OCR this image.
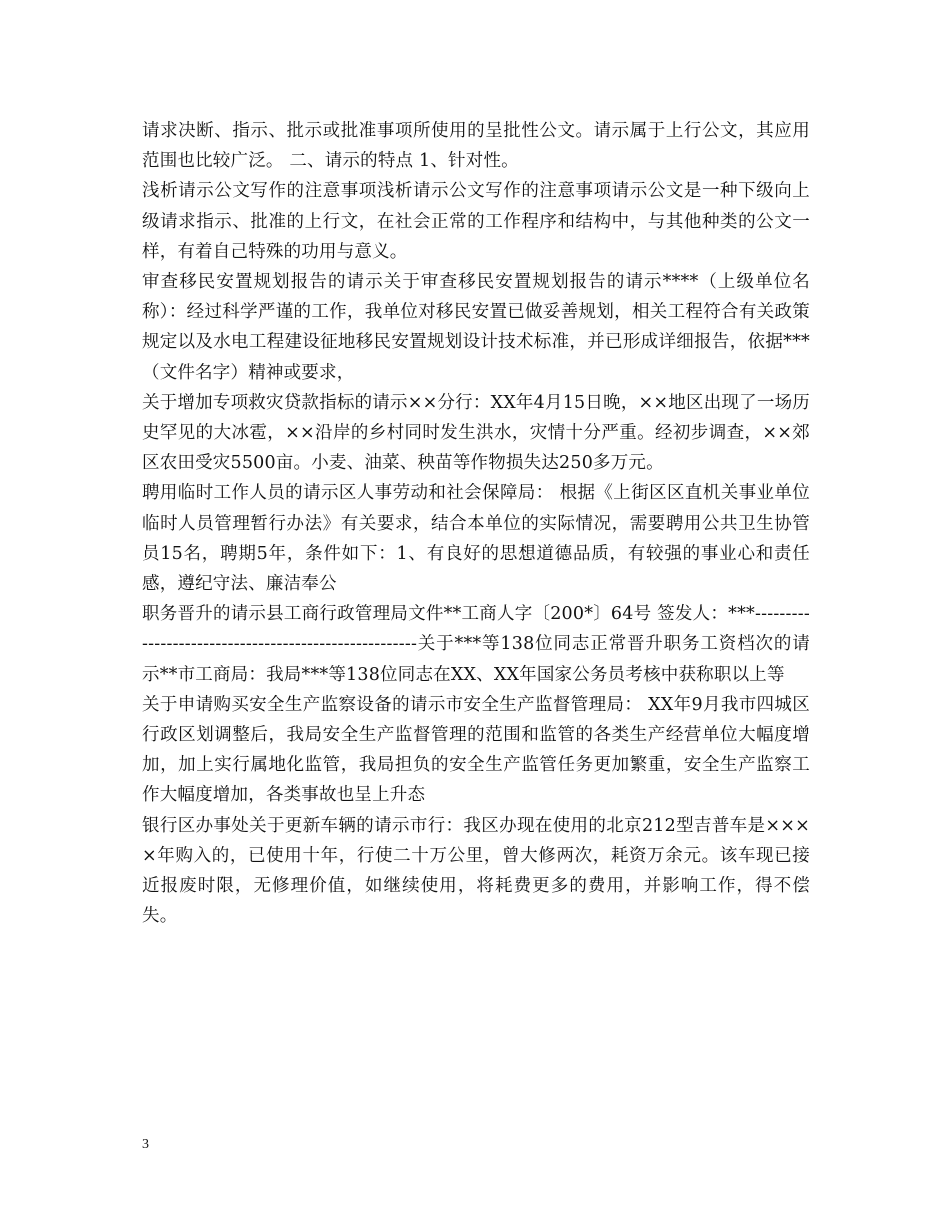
请求决断、指示、批示或批准事项所使用的呈批性公文。请示属于上行公文，其应用范围也比较广泛。 二、请示的特点 1、针对性。

浅析请示公文写作的注意事项浅析请示公文写作的注意事项请示公文是一种下级向上级请求指示、批准的上行文，在社会正常的工作程序和结构中，与其他种类的公文一样，有着自己特殊的功用与意义。

审查移民安置规划报告的请示关于审查移民安置规划报告的请示****（上级单位名称）：经过科学严谨的工作，我单位对移民安置已做妥善规划，相关工程符合有关政策规定以及水电工程建设征地移民安置规划设计技术标准，并已形成详细报告，依据***（文件名字）精神或要求，

关于增加专项救灾贷款指标的请示××分行：XX年4月15日晚，××地区出现了一场历史罕见的大冰雹，××沿岸的乡村同时发生洪水，灾情十分严重。经初步调查，××郊区农田受灾5500亩。小麦、油菜、秧苗等作物损失达250多万元。

聘用临时工作人员的请示区人事劳动和社会保障局： 根据《上街区区直机关事业单位临时人员管理暂行办法》有关要求，结合本单位的实际情况，需要聘用公共卫生协管员15名，聘期5年，条件如下：1、有良好的思想道德品质，有较强的事业心和责任感，遵纪守法、廉洁奉公

职务晋升的请示县工商行政管理局文件**工商人字〔200*〕64号 签发人：***------------------------------------------------------关于***等138位同志正常晋升职务工资档次的请示**市工商局：我局***等138位同志在XX、XX年国家公务员考核中获称职以上等

关于申请购买安全生产监察设备的请示市安全生产监督管理局： XX年9月我市四城区行政区划调整后，我局安全生产监督管理的范围和监管的各类生产经营单位大幅度增加，加上实行属地化监管，我局担负的安全生产监管任务更加繁重，安全生产监察工作大幅度增加，各类事故也呈上升态

银行区办事处关于更新车辆的请示市行：我区办现在使用的北京212型吉普车是××××年购入的，已使用十年，行使二十万公里，曾大修两次，耗资万余元。该车现已接近报废时限，无修理价值，如继续使用，将耗费更多的费用，并影响工作，得不偿失。

3
